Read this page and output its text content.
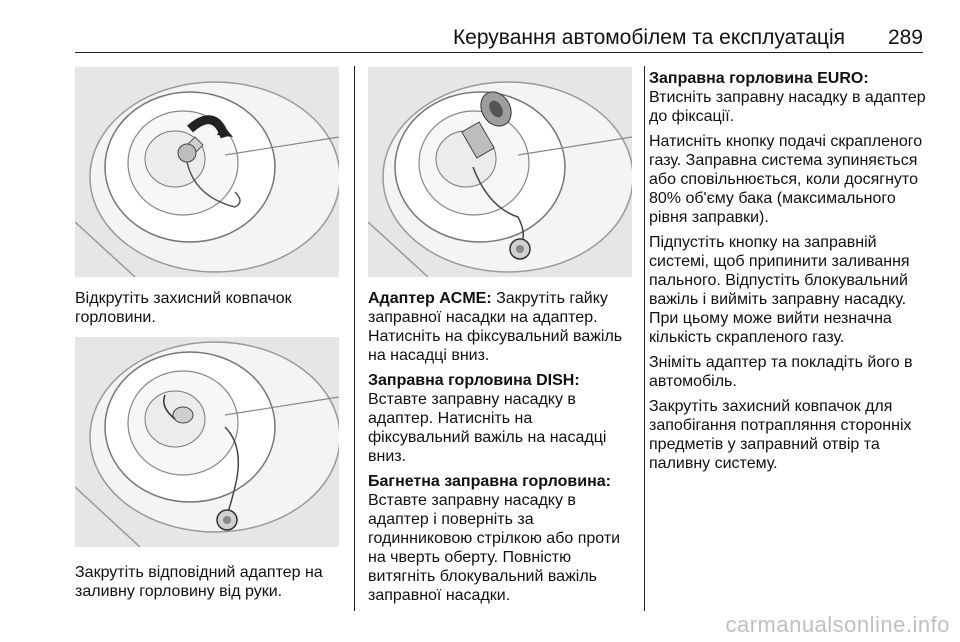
Керування автомобілем та експлуатація 289

Відкрутіть захисний ковпачок горловини.

Закрутіть відповідний адаптер на заливну горловину від руки.

Адаптер ACME: Закрутіть гайку заправної насадки на адаптер. Натисніть на фіксувальний важіль на насадці вниз.

Заправна горловина DISH: Вставте заправну насадку в адаптер. Натисніть на фіксувальний важіль на насадці вниз.

Багнетна заправна горловина:
Вставте заправну насадку в адаптер і поверніть за годинниковою стрілкою або проти на чверть оберту. Повністю витягніть блокувальний важіль заправної насадки.

Заправна горловина EURO:
Втисніть заправну насадку в адаптер до фіксації.

Натисніть кнопку подачі скрапленого газу. Заправна система зупиняється або сповільнюється, коли досягнуто 80% об'єму бака (максимального рівня заправки).

Підпустіть кнопку на заправній системі, щоб припинити заливання пального. Відпустіть блокувальний важіль і вийміть заправну насадку. При цьому може вийти незначна кількість скрапленого газу.

Зніміть адаптер та покладіть його в автомобіль.

Закрутіть захисний ковпачок для запобігання потрапляння сторонніх предметів у заправний отвір та паливну систему.

carmanualsonline.info
